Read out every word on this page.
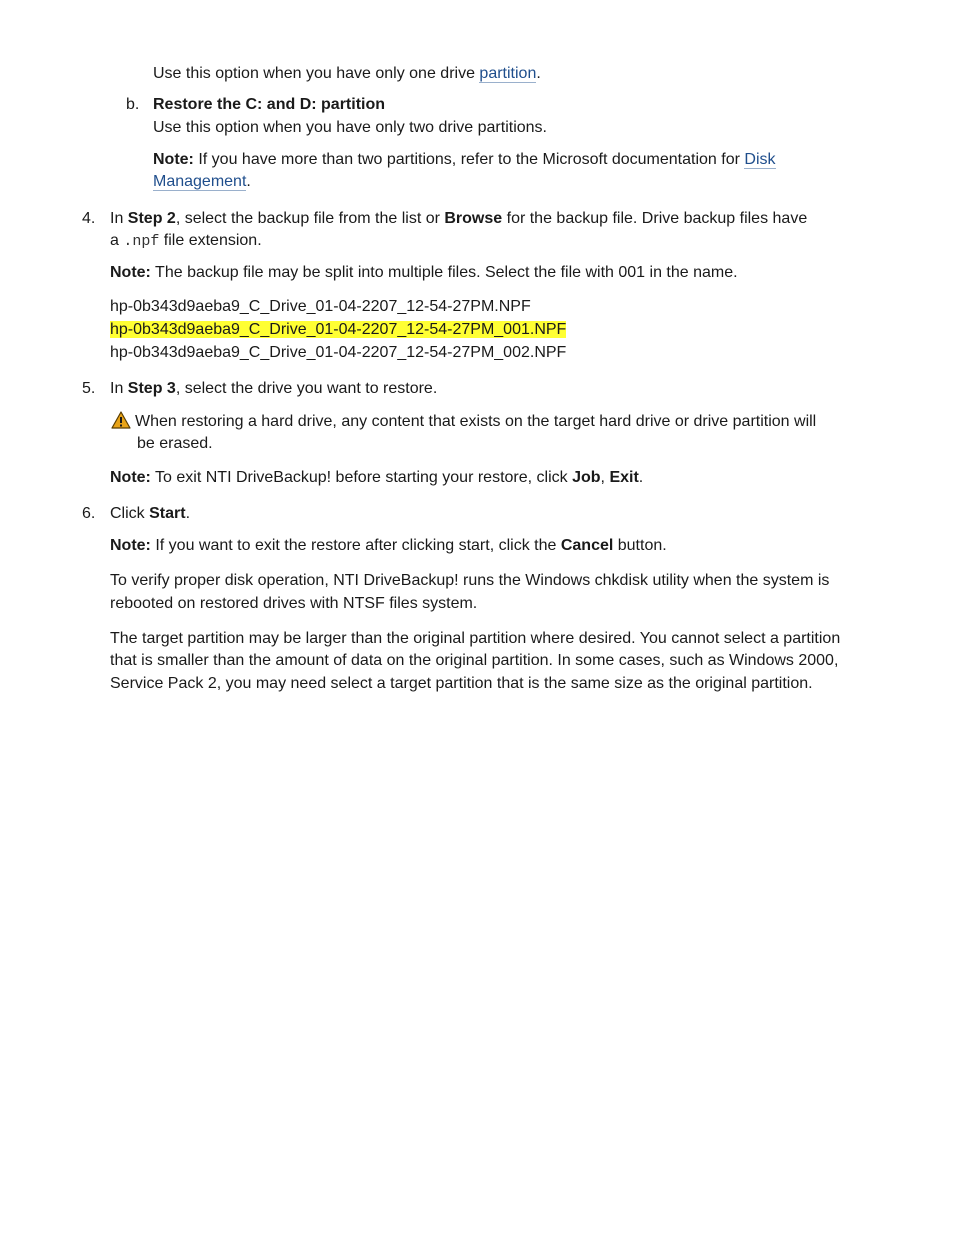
Use this option when you have only one drive partition.
b. Restore the C: and D: partition
Use this option when you have only two drive partitions.
Note: If you have more than two partitions, refer to the Microsoft documentation for Disk
Management.
4. In Step 2, select the backup file from the list or Browse for the backup file. Drive backup files have
a .npf file extension.
Note: The backup file may be split into multiple files. Select the file with 001 in the name.
hp-0b343d9aeba9_C_Drive_01-04-2207_12-54-27PM.NPF
hp-0b343d9aeba9_C_Drive_01-04-2207_12-54-27PM_001.NPF
hp-0b343d9aeba9_C_Drive_01-04-2207_12-54-27PM_002.NPF
5. In Step 3, select the drive you want to restore.
When restoring a hard drive, any content that exists on the target hard drive or drive partition will
be erased.
Note: To exit NTI DriveBackup! before starting your restore, click Job, Exit.
6. Click Start.
Note: If you want to exit the restore after clicking start, click the Cancel button.
To verify proper disk operation, NTI DriveBackup! runs the Windows chkdisk utility when the system is
rebooted on restored drives with NTSF files system.
The target partition may be larger than the original partition where desired. You cannot select a partition
that is smaller than the amount of data on the original partition. In some cases, such as Windows 2000,
Service Pack 2, you may need select a target partition that is the same size as the original partition.
